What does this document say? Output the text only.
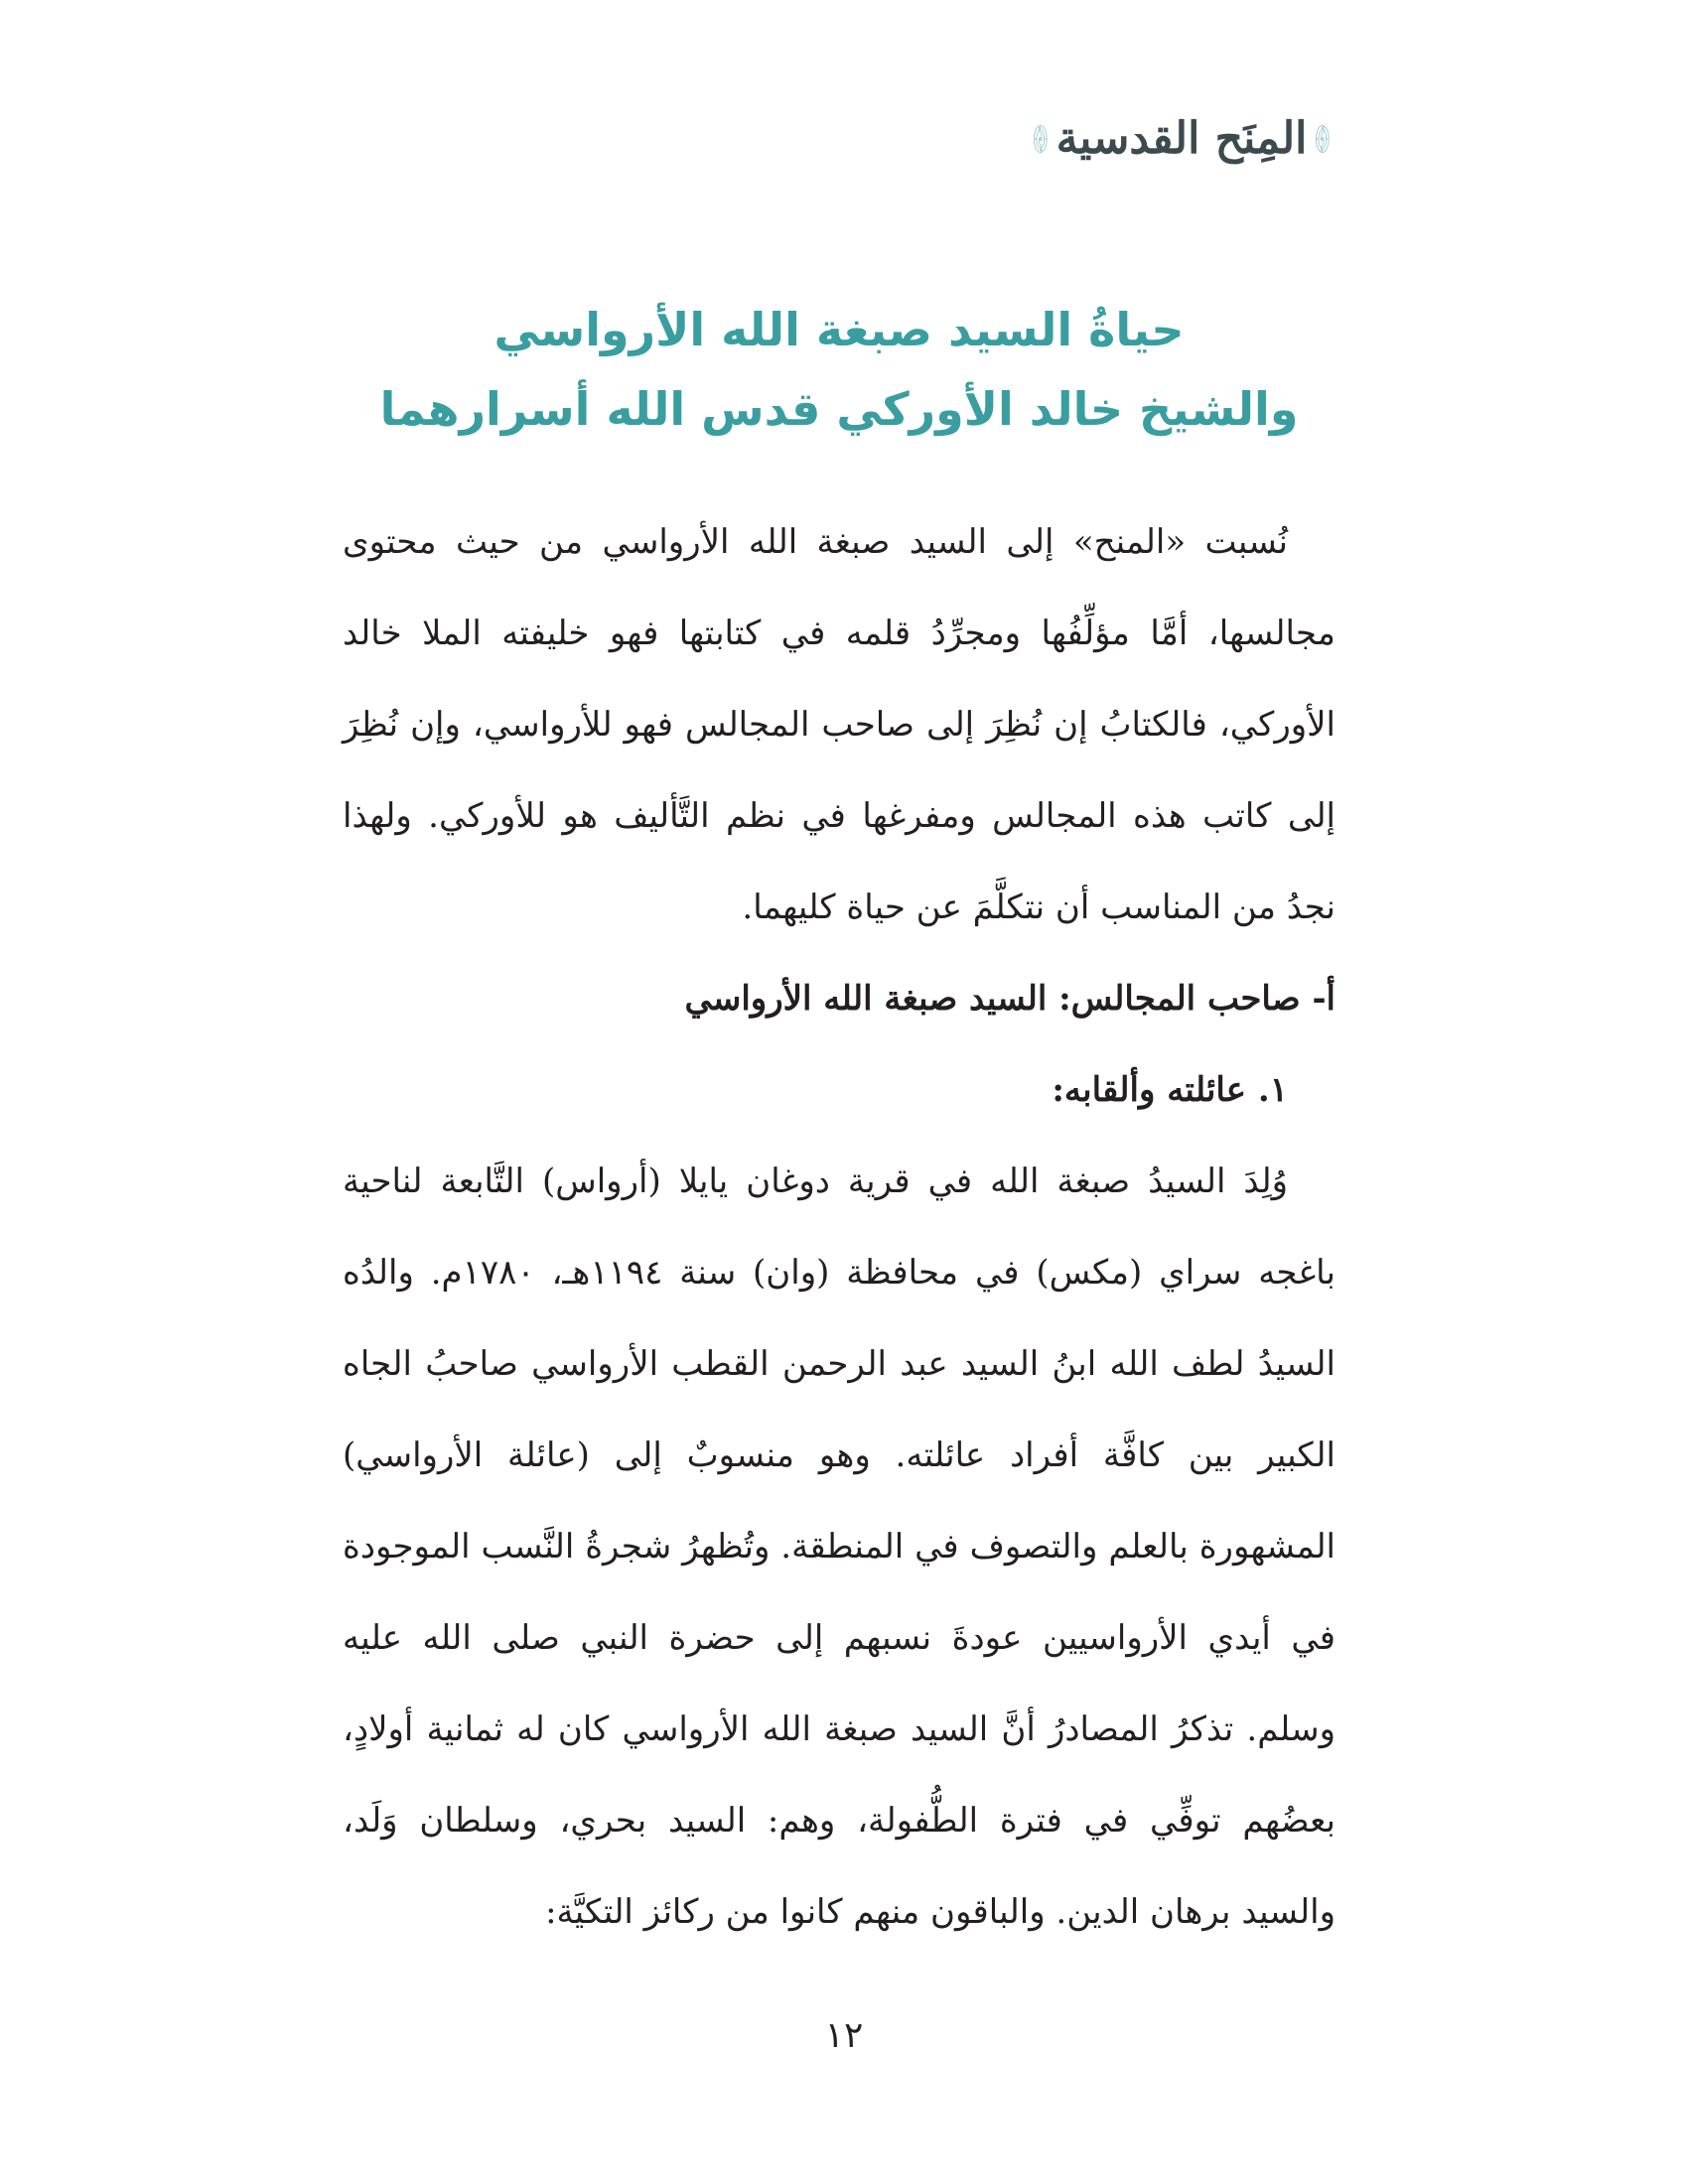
المِنَح القدسية
حياةُ السيد صبغة الله الأرواسي
والشيخ خالد الأوركي قدس الله أسرارهما

نُسبت «المنح» إلى السيد صبغة الله الأرواسي من حيث محتوى مجالسها، أمَّا مؤلِّفُها ومجرِّدُ قلمه في كتابتها فهو خليفته الملا خالد الأوركي، فالكتابُ إن نُظِرَ إلى صاحب المجالس فهو للأرواسي، وإن نُظِرَ إلى كاتب هذه المجالس ومفرغها في نظم التَّأليف هو للأوركي. ولهذا نجدُ من المناسب أن نتكلَّمَ عن حياة كليهما.

أ- صاحب المجالس: السيد صبغة الله الأرواسي

١. عائلته وألقابه:

وُلِدَ السيدُ صبغة الله في قرية دوغان يايلا (أرواس) التَّابعة لناحية باغجه سراي (مكس) في محافظة (وان) سنة ١١٩٤هـ، ١٧٨٠م. والدُه السيدُ لطف الله ابنُ السيد عبد الرحمن القطب الأرواسي صاحبُ الجاه الكبير بين كافَّة أفراد عائلته. وهو منسوبٌ إلى (عائلة الأرواسي) المشهورة بالعلم والتصوف في المنطقة. وتُظهرُ شجرةُ النَّسب الموجودة في أيدي الأرواسيين عودةَ نسبهم إلى حضرة النبي صلى الله عليه وسلم. تذكرُ المصادرُ أنَّ السيد صبغة الله الأرواسي كان له ثمانية أولادٍ، بعضُهم توفِّي في فترة الطُّفولة، وهم: السيد بحري، وسلطان وَلَد، والسيد برهان الدين. والباقون منهم كانوا من ركائز التكيَّة:

١٢
